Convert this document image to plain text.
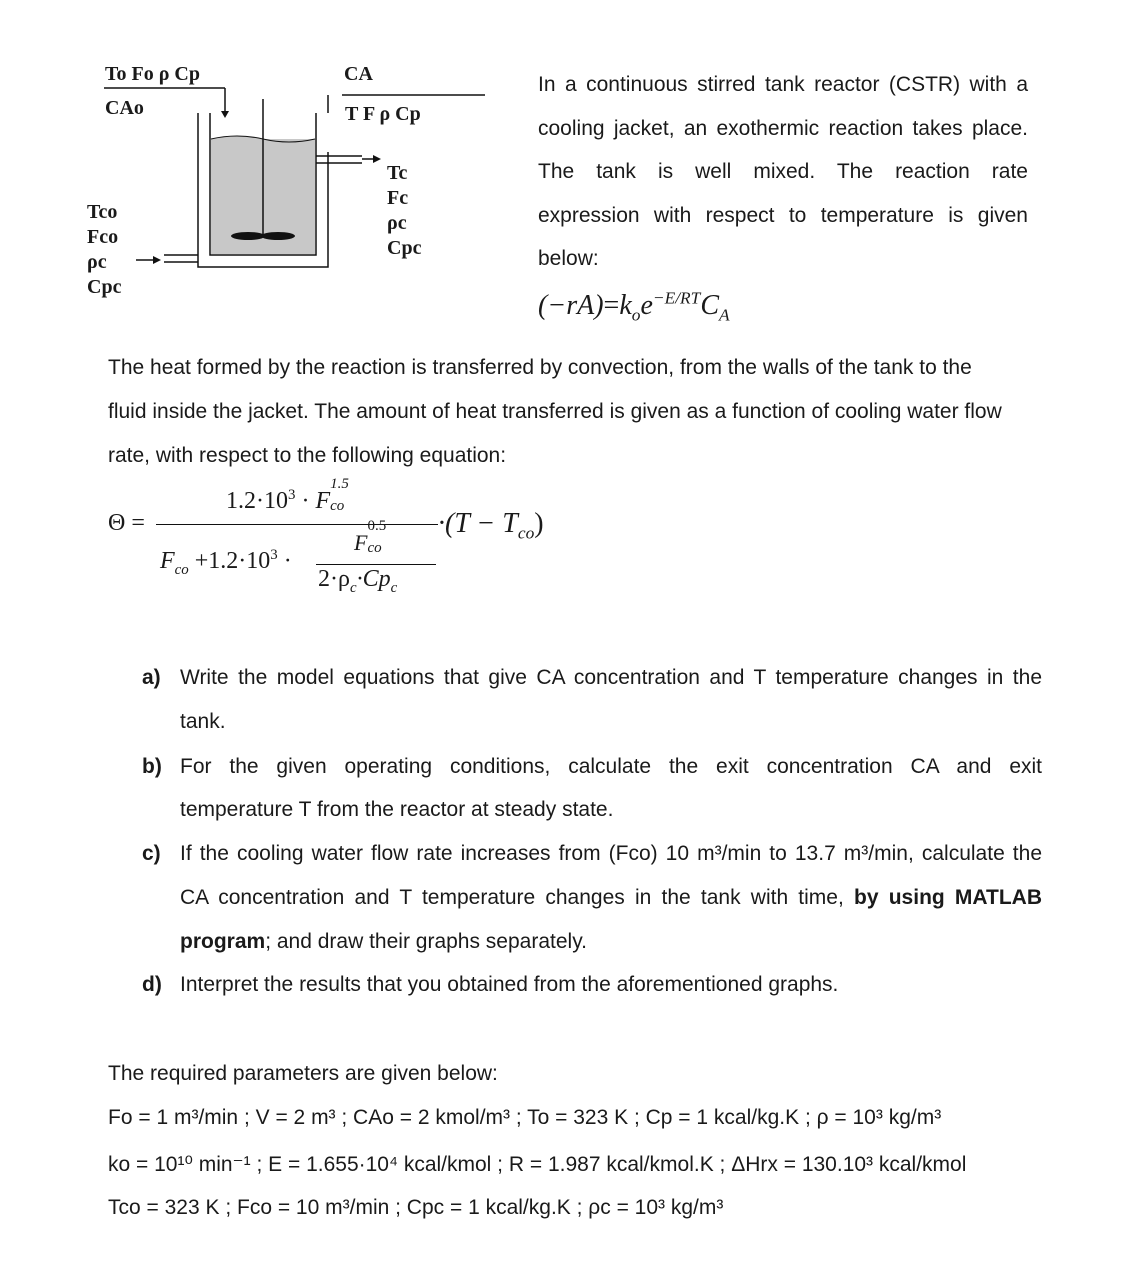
To Fo ρ Cp
CAo
CA
T F ρ Cp
Tc
Fc
ρc
Cpc
Tco
Fco
ρc
Cpc
In a continuous stirred tank reactor (CSTR) with a
cooling jacket, an exothermic reaction takes place.
The tank is well mixed. The reaction rate
expression with respect to temperature is given
below:
$(-rA)=k_oe^{-E/RT}C_A$
The heat formed by the reaction is transferred by convection, from the walls of the tank to the
fluid inside the jacket. The amount of heat transferred is given as a function of cooling water flow
rate, with respect to the following equation:
Θ =
$1.2\cdot 10^3 \cdot F$
1.5
co
$F_{co} +1.2\cdot 10^3$ ·
F
0.5
co
$2\cdot\rho_c\cdot Cp_c$
$\cdot(T - T_{co})$
a) Write the model equations that give CA concentration and T temperature changes in the
tank.
b) For the given operating conditions, calculate the exit concentration CA and exit
temperature T from the reactor at steady state.
c) If the cooling water flow rate increases from (Fco) 10 m³/min to 13.7 m³/min, calculate the
CA concentration and T temperature changes in the tank with time, by using MATLAB
program; and draw their graphs separately.
d) Interpret the results that you obtained from the aforementioned graphs.
The required parameters are given below:
Fo = 1 m³/min ; V = 2 m³ ; CAo = 2 kmol/m³ ; To = 323 K ; Cp = 1 kcal/kg.K ; ρ = 10³ kg/m³
ko = 10¹⁰ min⁻¹ ; E = 1.655·10⁴ kcal/kmol ; R = 1.987 kcal/kmol.K ; ΔHrx = 130.10³ kcal/kmol
Tco = 323 K ; Fco = 10 m³/min ; Cpc = 1 kcal/kg.K ; ρc = 10³ kg/m³
